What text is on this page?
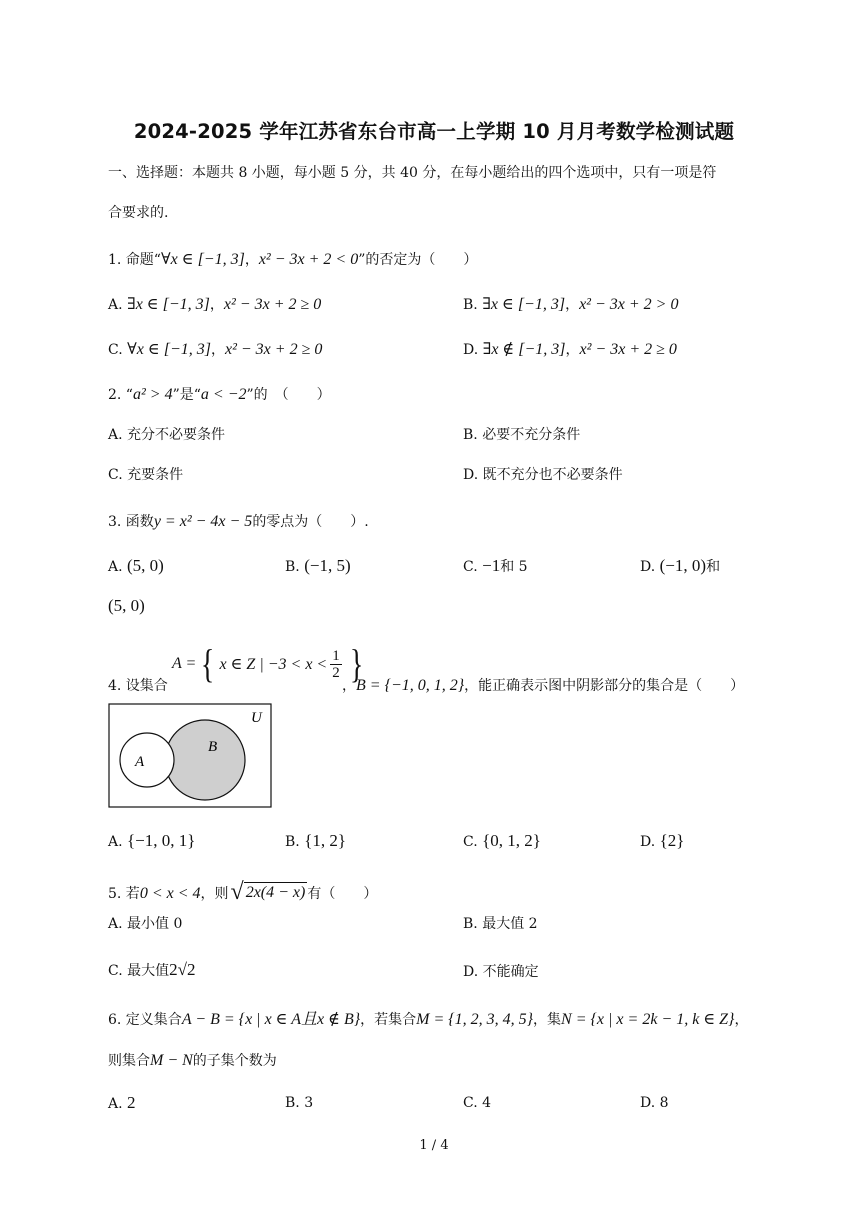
2024-2025 学年江苏省东台市高一上学期 10 月月考数学检测试题
一、选择题：本题共 8 小题，每小题 5 分，共 40 分，在每小题给出的四个选项中，只有一项是符
合要求的.
1. 命题“∀x ∈ [−1, 3]，x² − 3x + 2 < 0”的否定为（　　）
A. ∃x ∈ [−1, 3]，x² − 3x + 2 ≥ 0	B. ∃x ∈ [−1, 3]，x² − 3x + 2 > 0
C. ∀x ∈ [−1, 3]，x² − 3x + 2 ≥ 0	D. ∃x ∉ [−1, 3]，x² − 3x + 2 ≥ 0
2. “a² > 4”是“a < −2”的　（　　）
A. 充分不必要条件	B. 必要不充分条件
C. 充要条件	D. 既不充分也不必要条件
3. 函数y = x² − 4x − 5的零点为（　　）.
A. (5, 0)	B. (−1, 5)	C. −1和 5	D. (−1, 0)和
(5, 0)
4. 设集合
A = { x ∈ Z | $-3 < x < \frac{1}{2}$ }
，B = {−1, 0, 1, 2}，能正确表示图中阴影部分的集合是（　　）
U
A
B
A. {−1, 0, 1}	B. {1, 2}	C. {0, 1, 2}	D. {2}
5. 若 0 < x < 4 ，则 √ 2x(4 − x) 有（　　）
A. 最小值 0	B. 最大值 2
C. 最大值2√2	D. 不能确定
6. 定义集合A − B = {x | x ∈ A且x ∉ B}，若集合M = {1, 2, 3, 4, 5}，集N = {x | x = 2k − 1, k ∈ Z}，
则集合M − N的子集个数为
A. 2	B. 3	C. 4	D. 8
1 / 4
